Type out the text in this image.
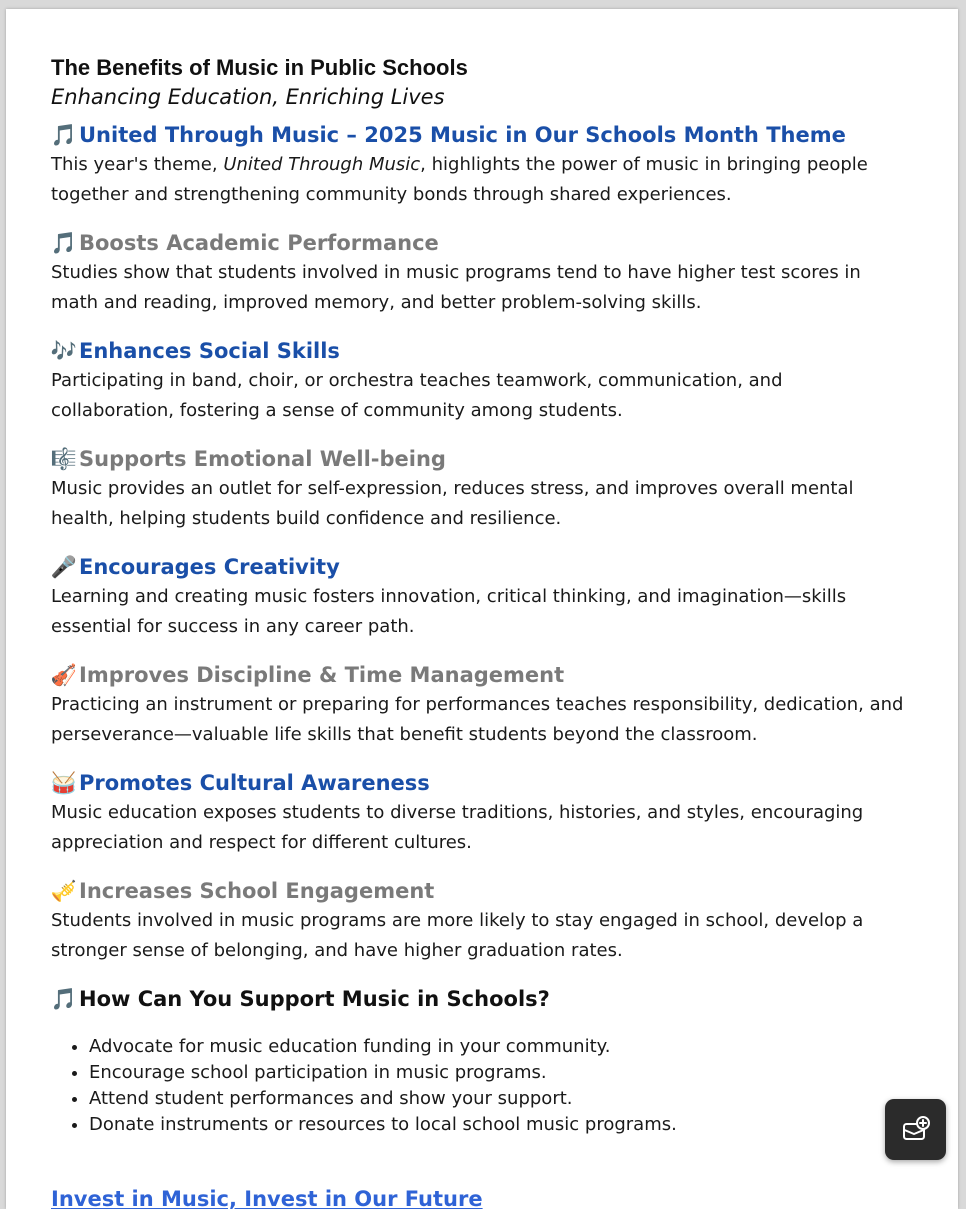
The Benefits of Music in Public Schools

Enhancing Education, Enriching Lives

🎵 United Through Music – 2025 Music in Our Schools Month Theme

This year's theme, United Through Music, highlights the power of music in bringing people together and strengthening community bonds through shared experiences.

🎵 Boosts Academic Performance

Studies show that students involved in music programs tend to have higher test scores in math and reading, improved memory, and better problem-solving skills.

🎶 Enhances Social Skills

Participating in band, choir, or orchestra teaches teamwork, communication, and collaboration, fostering a sense of community among students.

🎼 Supports Emotional Well-being

Music provides an outlet for self-expression, reduces stress, and improves overall mental health, helping students build confidence and resilience.

🎤 Encourages Creativity

Learning and creating music fosters innovation, critical thinking, and imagination—skills essential for success in any career path.

🎻 Improves Discipline & Time Management

Practicing an instrument or preparing for performances teaches responsibility, dedication, and perseverance—valuable life skills that benefit students beyond the classroom.

🥁 Promotes Cultural Awareness

Music education exposes students to diverse traditions, histories, and styles, encouraging appreciation and respect for different cultures.

🎺 Increases School Engagement

Students involved in music programs are more likely to stay engaged in school, develop a stronger sense of belonging, and have higher graduation rates.

🎵 How Can You Support Music in Schools?
• Advocate for music education funding in your community.
• Encourage school participation in music programs.
• Attend student performances and show your support.
• Donate instruments or resources to local school music programs.
Invest in Music, Invest in Our Future
